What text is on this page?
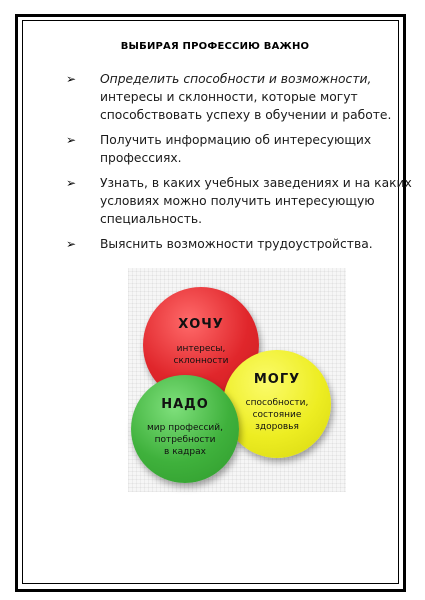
ВЫБИРАЯ ПРОФЕССИЮ ВАЖНО
➢ Определить способности и возможности,
интересы и склонности, которые могут
способствовать успеху в обучении и работе.
➢ Получить информацию об интересующих
профессиях.
➢ Узнать, в каких учебных заведениях и на каких
условиях можно получить интересующую
специальность.
➢ Выяснить возможности трудоустройства.
ХОЧУ
интересы,
склонности
МОГУ
способности,
состояние
здоровья
НАДО
мир профессий,
потребности
в кадрах
